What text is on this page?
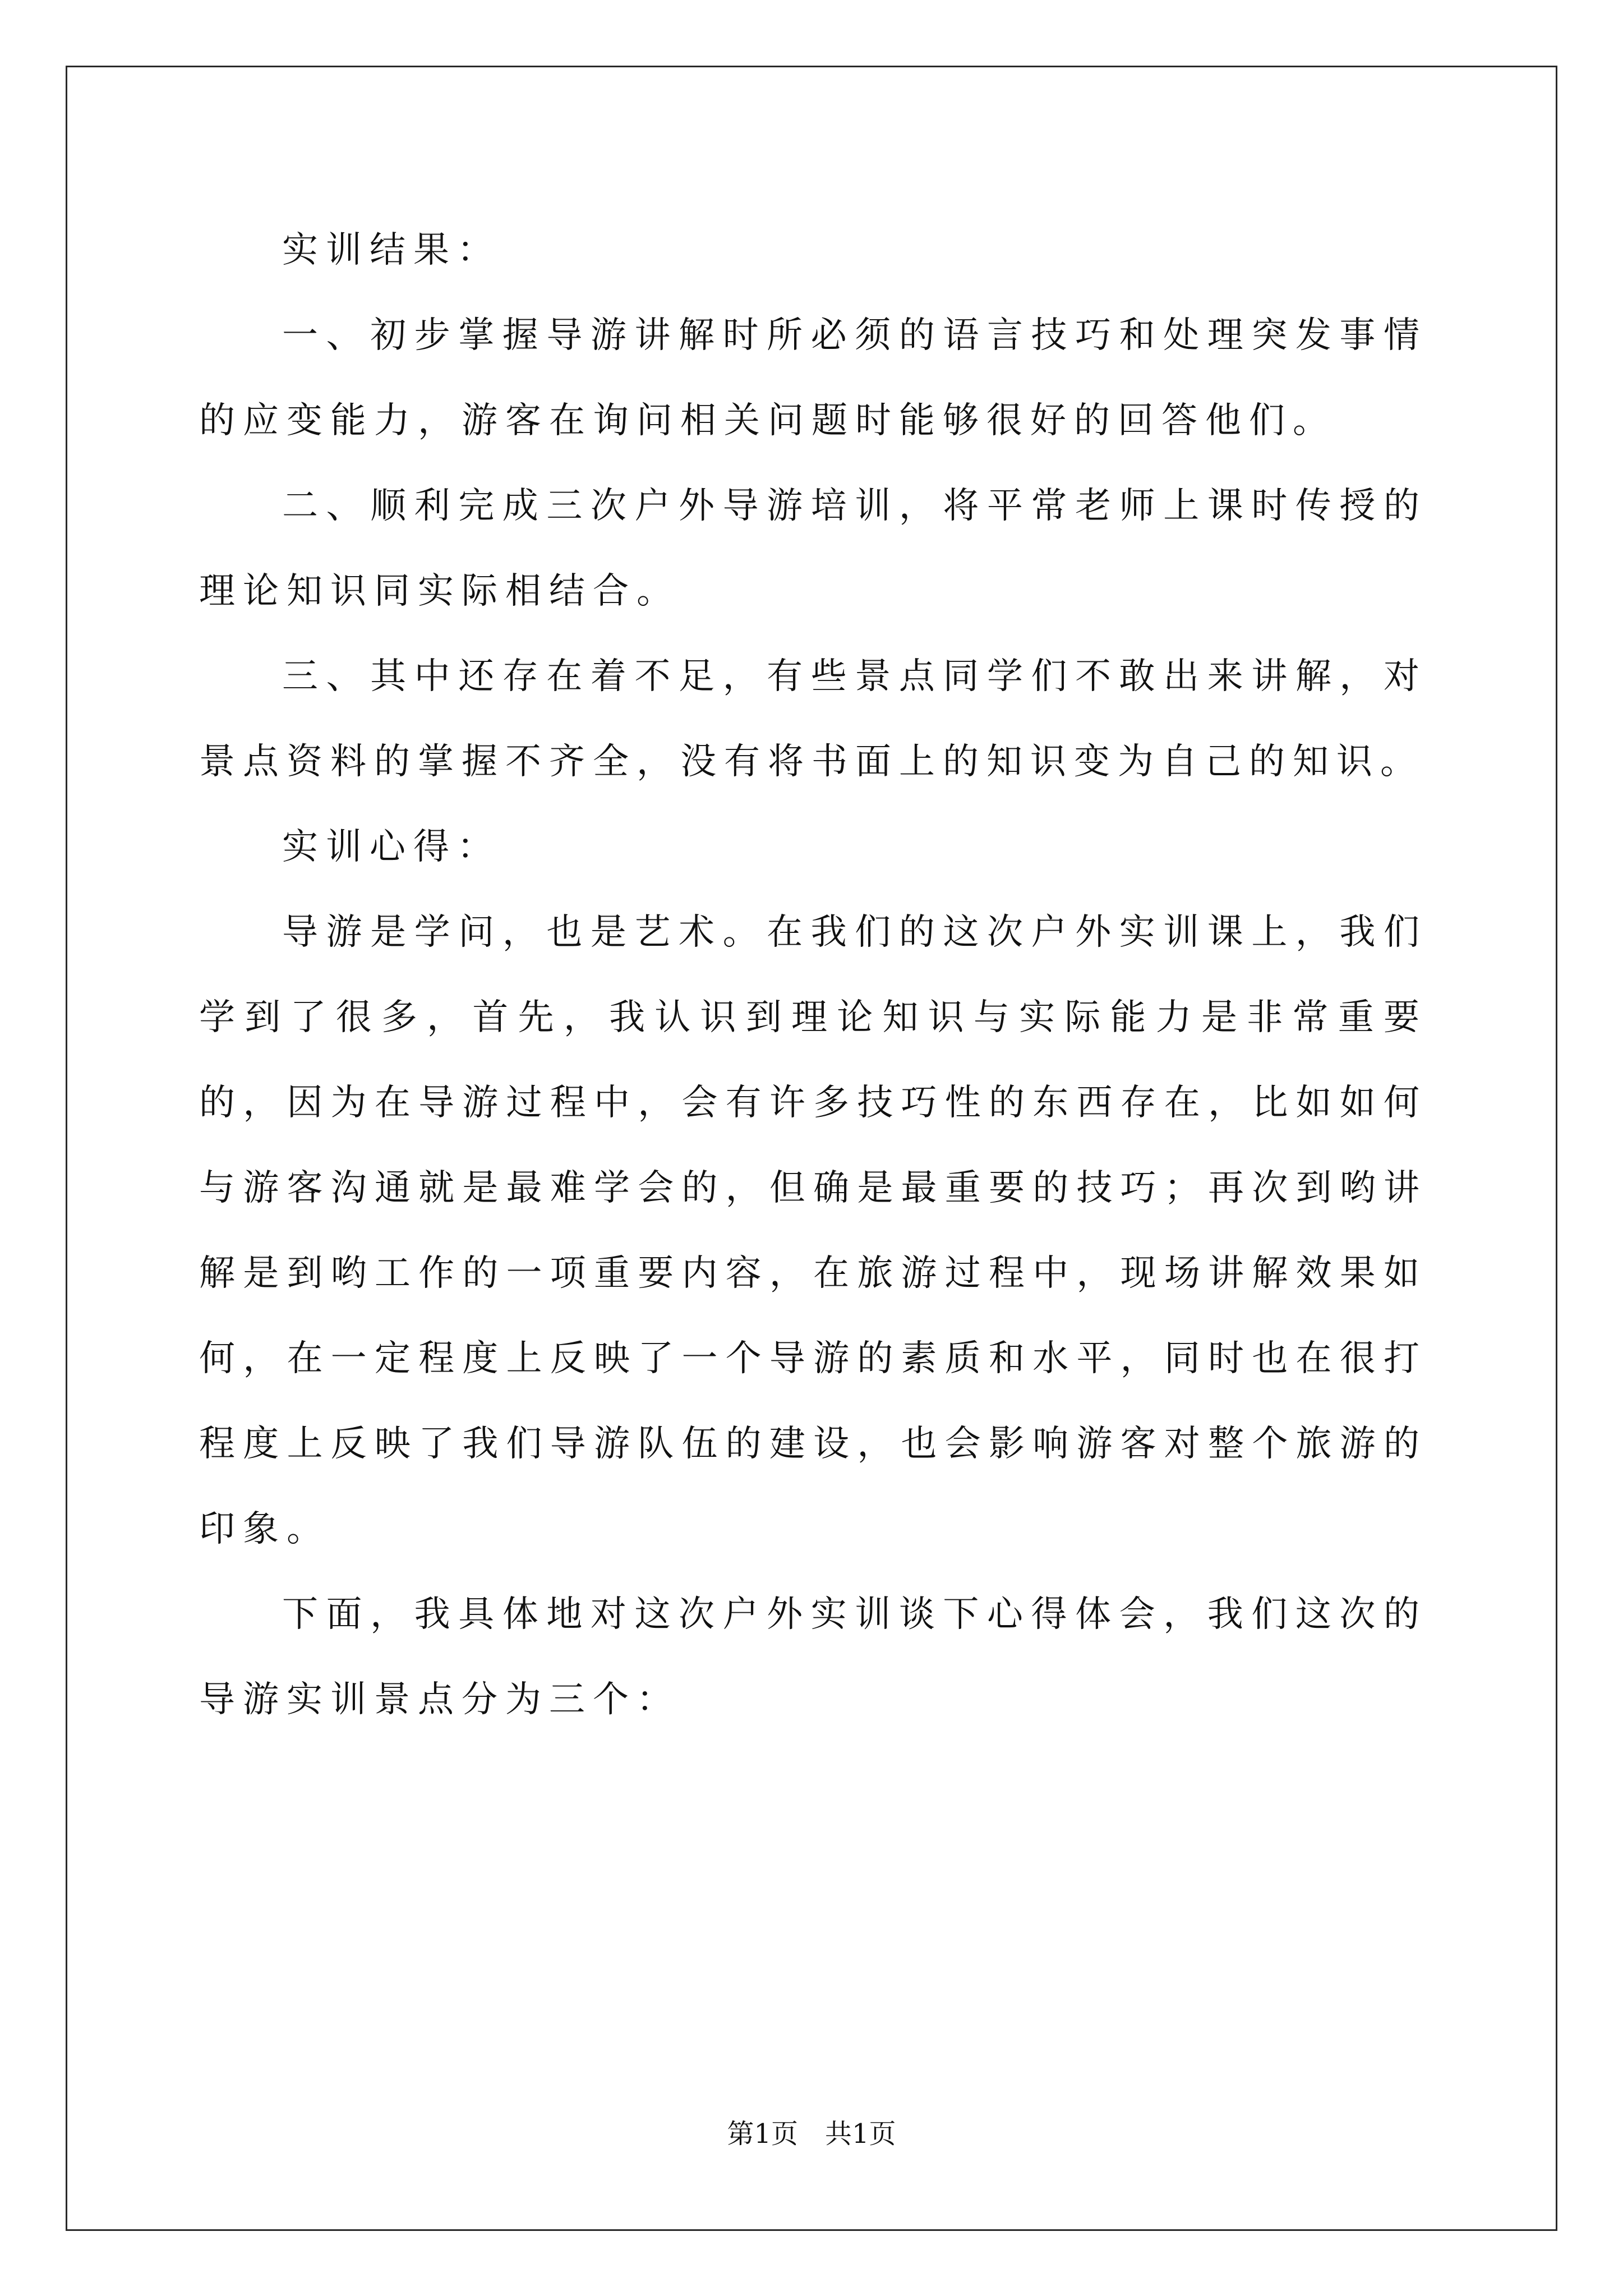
实训结果：

一、初步掌握导游讲解时所必须的语言技巧和处理突发事情的应变能力，游客在询问相关问题时能够很好的回答他们。

二、顺利完成三次户外导游培训，将平常老师上课时传授的理论知识同实际相结合。

三、其中还存在着不足，有些景点同学们不敢出来讲解，对景点资料的掌握不齐全，没有将书面上的知识变为自己的知识。

实训心得：

导游是学问，也是艺术。在我们的这次户外实训课上，我们学到了很多，首先，我认识到理论知识与实际能力是非常重要的，因为在导游过程中，会有许多技巧性的东西存在，比如如何与游客沟通就是最难学会的，但确是最重要的技巧；再次到哟讲解是到哟工作的一项重要内容，在旅游过程中，现场讲解效果如何，在一定程度上反映了一个导游的素质和水平，同时也在很打程度上反映了我们导游队伍的建设，也会影响游客对整个旅游的印象。

下面，我具体地对这次户外实训谈下心得体会，我们这次的导游实训景点分为三个：

第1页 共1页
